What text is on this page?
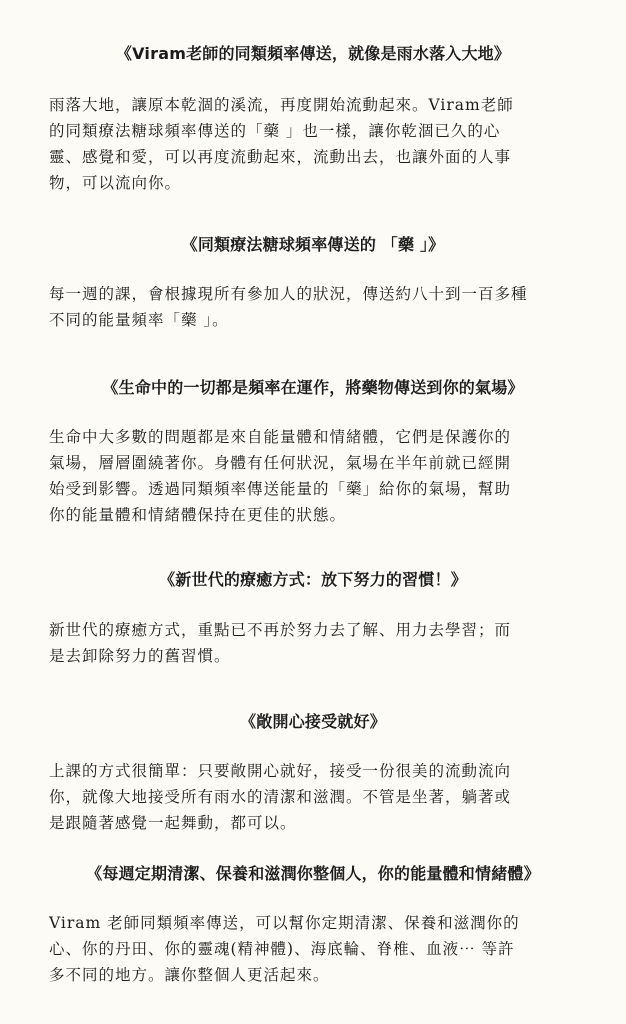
《Viram老師的同類頻率傳送，就像是雨水落入大地》

雨落大地，讓原本乾涸的溪流，再度開始流動起來。Viram老師
的同類療法糖球頻率傳送的「藥 」也一樣，讓你乾涸已久的心
靈、感覺和愛，可以再度流動起來，流動出去，也讓外面的人事
物，可以流向你。

《同類療法糖球頻率傳送的 「藥 」》

每一週的課，會根據現所有參加人的狀況，傳送約八十到一百多種
不同的能量頻率「藥 」。

《生命中的一切都是頻率在運作，將藥物傳送到你的氣場》

生命中大多數的問題都是來自能量體和情緒體，它們是保護你的
氣場，層層圍繞著你。身體有任何狀況，氣場在半年前就已經開
始受到影響。透過同類頻率傳送能量的「藥」給你的氣場，幫助
你的能量體和情緒體保持在更佳的狀態。

《新世代的療癒方式：放下努力的習慣！》

新世代的療癒方式，重點已不再於努力去了解、用力去學習；而
是去卸除努力的舊習慣。

《敞開心接受就好》

上課的方式很簡單：只要敞開心就好，接受一份很美的流動流向
你，就像大地接受所有雨水的清潔和滋潤。不管是坐著，躺著或
是跟隨著感覺一起舞動，都可以。

《每週定期清潔、保養和滋潤你整個人，你的能量體和情緒體》

Viram 老師同類頻率傳送，可以幫你定期清潔、保養和滋潤你的
心、你的丹田、你的靈魂(精神體)、海底輪、脊椎、血液⋯ 等許
多不同的地方。讓你整個人更活起來。
